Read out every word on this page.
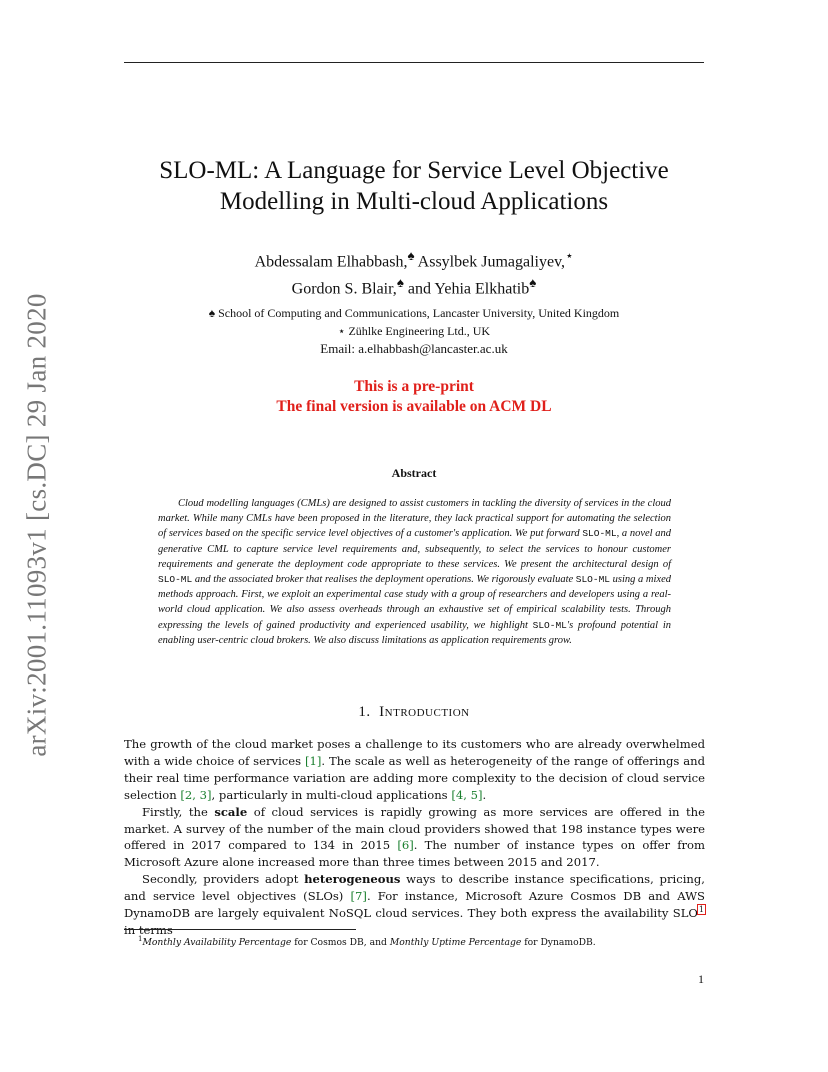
arXiv:2001.11093v1 [cs.DC] 29 Jan 2020
SLO-ML: A Language for Service Level Objective
Modelling in Multi-cloud Applications
Abdessalam Elhabbash,♠ Assylbek Jumagaliyev,⋆
Gordon S. Blair,♠ and Yehia Elkhatib♠
♠ School of Computing and Communications, Lancaster University, United Kingdom
⋆ Zühlke Engineering Ltd., UK
Email: a.elhabbash@lancaster.ac.uk
This is a pre-print
The final version is available on ACM DL
Abstract
Cloud modelling languages (CMLs) are designed to assist customers in tackling the diversity of services in the cloud market. While many CMLs have been proposed in the literature, they lack practical support for automating the selection of services based on the specific service level objectives of a customer's application. We put forward SLO-ML, a novel and generative CML to capture service level requirements and, subsequently, to select the services to honour customer requirements and generate the deployment code appropriate to these services. We present the architectural design of SLO-ML and the associated broker that realises the deployment operations. We rigorously evaluate SLO-ML using a mixed methods approach. First, we exploit an experimental case study with a group of researchers and developers using a real-world cloud application. We also assess overheads through an exhaustive set of empirical scalability tests. Through expressing the levels of gained productivity and experienced usability, we highlight SLO-ML's profound potential in enabling user-centric cloud brokers. We also discuss limitations as application requirements grow.
1. Introduction

The growth of the cloud market poses a challenge to its customers who are already overwhelmed with a wide choice of services [1]. The scale as well as heterogeneity of the range of offerings and their real time performance variation are adding more complexity to the decision of cloud service selection [2, 3], particularly in multi-cloud applications [4, 5].

Firstly, the scale of cloud services is rapidly growing as more services are offered in the market. A survey of the number of the main cloud providers showed that 198 instance types were offered in 2017 compared to 134 in 2015 [6]. The number of instance types on offer from Microsoft Azure alone increased more than three times between 2015 and 2017.

Secondly, providers adopt heterogeneous ways to describe instance specifications, pricing, and service level objectives (SLOs) [7]. For instance, Microsoft Azure Cosmos DB and AWS DynamoDB are largely equivalent NoSQL cloud services. They both express the availability SLO$^1$ in terms

$^1$Monthly Availability Percentage for Cosmos DB, and Monthly Uptime Percentage for DynamoDB.
1
